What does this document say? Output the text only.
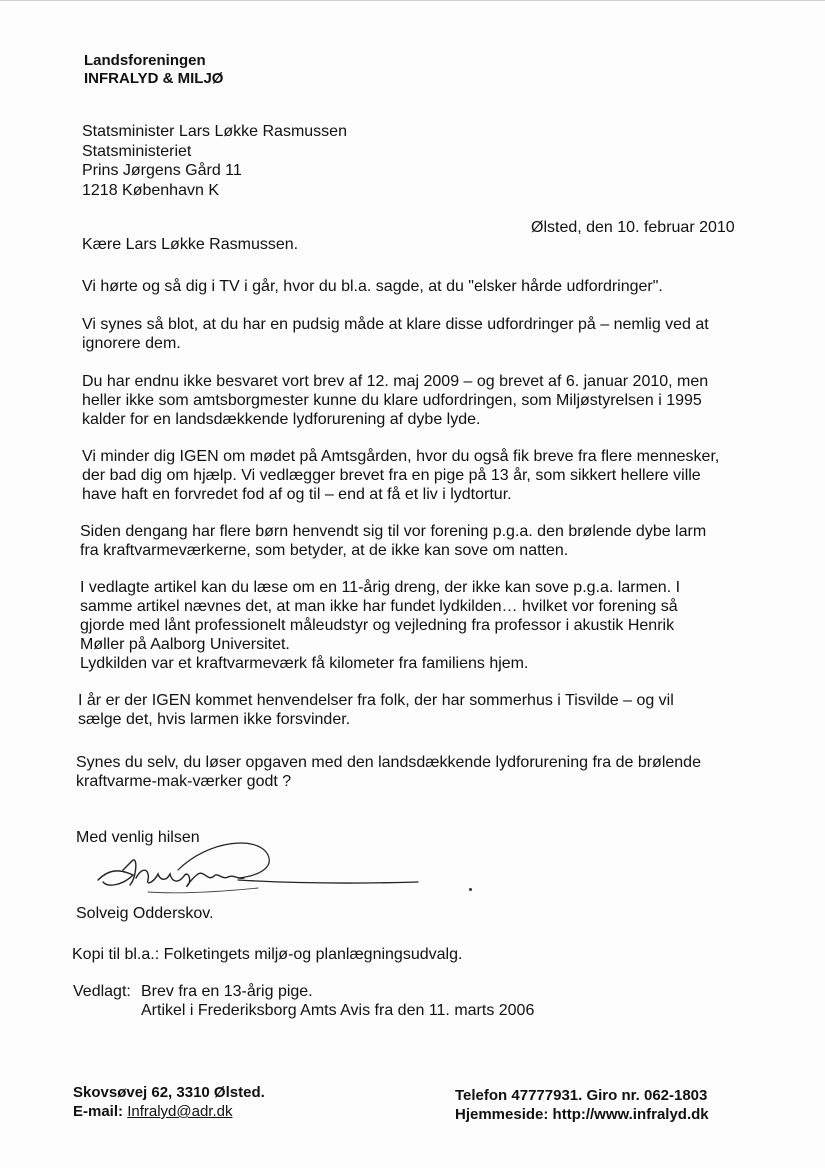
Landsforeningen
INFRALYD & MILJØ
Statsminister Lars Løkke Rasmussen
Statsministeriet
Prins Jørgens Gård 11
1218 København K
Ølsted, den 10. februar 2010
Kære Lars Løkke Rasmussen.
Vi hørte og så dig i TV i går, hvor du bl.a. sagde, at du "elsker hårde udfordringer".
Vi synes så blot, at du har en pudsig måde at klare disse udfordringer på – nemlig ved at
ignorere dem.
Du har endnu ikke besvaret vort brev af 12. maj 2009 – og brevet af 6. januar 2010, men
heller ikke som amtsborgmester kunne du klare udfordringen, som Miljøstyrelsen i 1995
kalder for en landsdækkende lydforurening af dybe lyde.
Vi minder dig IGEN om mødet på Amtsgården, hvor du også fik breve fra flere mennesker,
der bad dig om hjælp. Vi vedlægger brevet fra en pige på 13 år, som sikkert hellere ville
have haft en forvredet fod af og til – end at få et liv i lydtortur.
Siden dengang har flere børn henvendt sig til vor forening p.g.a. den brølende dybe larm
fra kraftvarmeværkerne, som betyder, at de ikke kan sove om natten.
I vedlagte artikel kan du læse om en 11-årig dreng, der ikke kan sove p.g.a. larmen. I
samme artikel nævnes det, at man ikke har fundet lydkilden… hvilket vor forening så
gjorde med lånt professionelt måleudstyr og vejledning fra professor i akustik Henrik
Møller på Aalborg Universitet.
Lydkilden var et kraftvarmeværk få kilometer fra familiens hjem.
I år er der IGEN kommet henvendelser fra folk, der har sommerhus i Tisvilde – og vil
sælge det, hvis larmen ikke forsvinder.
Synes du selv, du løser opgaven med den landsdækkende lydforurening fra de brølende
kraftvarme-mak-værker godt ?
Med venlig hilsen
Solveig Odderskov.
Kopi til bl.a.: Folketingets miljø-og planlægningsudvalg.
Vedlagt: Brev fra en 13-årig pige.
Artikel i Frederiksborg Amts Avis fra den 11. marts 2006
Skovsøvej 62, 3310 Ølsted.
E-mail: Infralyd@adr.dk
Telefon 47777931. Giro nr. 062-1803
Hjemmeside: http://www.infralyd.dk
